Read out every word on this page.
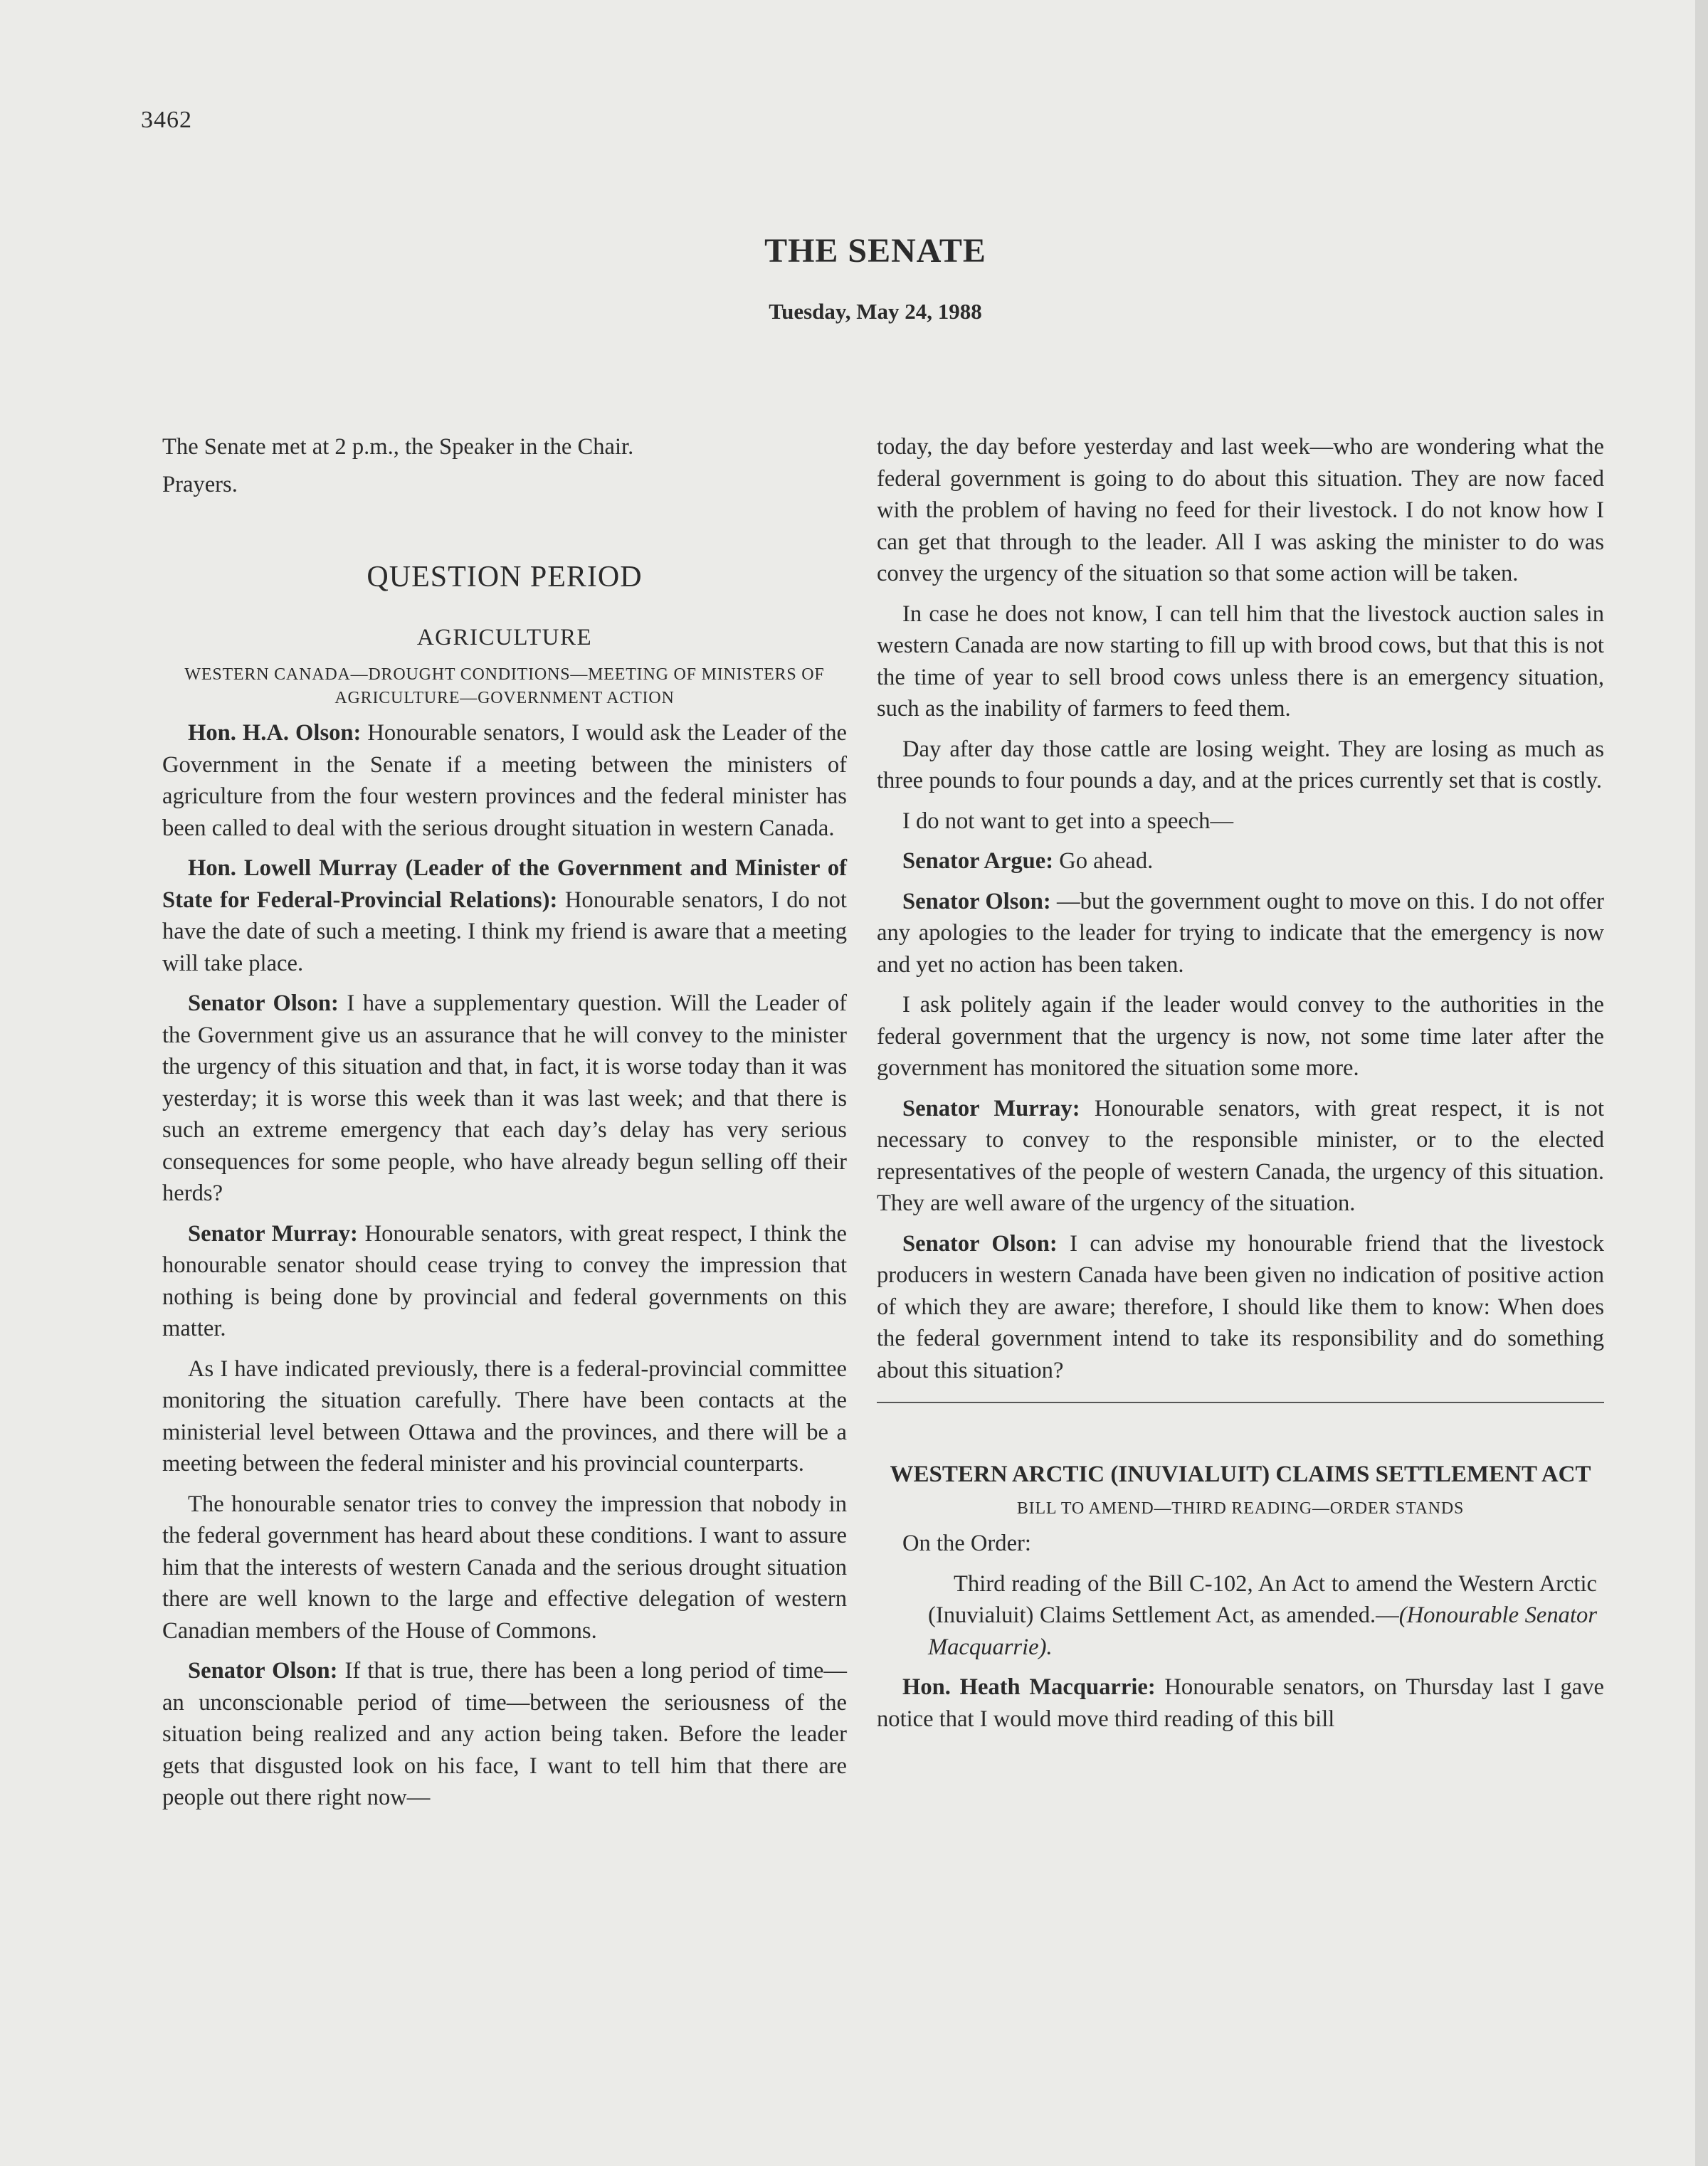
3462
THE SENATE
Tuesday, May 24, 1988

The Senate met at 2 p.m., the Speaker in the Chair.

Prayers.

QUESTION PERIOD
AGRICULTURE
WESTERN CANADA—DROUGHT CONDITIONS—MEETING OF MINISTERS OF AGRICULTURE—GOVERNMENT ACTION

Hon. H.A. Olson: Honourable senators, I would ask the Leader of the Government in the Senate if a meeting between the ministers of agriculture from the four western provinces and the federal minister has been called to deal with the serious drought situation in western Canada.

Hon. Lowell Murray (Leader of the Government and Minister of State for Federal-Provincial Relations): Honourable senators, I do not have the date of such a meeting. I think my friend is aware that a meeting will take place.

Senator Olson: I have a supplementary question. Will the Leader of the Government give us an assurance that he will convey to the minister the urgency of this situation and that, in fact, it is worse today than it was yesterday; it is worse this week than it was last week; and that there is such an extreme emergency that each day’s delay has very serious consequences for some people, who have already begun selling off their herds?

Senator Murray: Honourable senators, with great respect, I think the honourable senator should cease trying to convey the impression that nothing is being done by provincial and federal governments on this matter.

As I have indicated previously, there is a federal-provincial committee monitoring the situation carefully. There have been contacts at the ministerial level between Ottawa and the provinces, and there will be a meeting between the federal minister and his provincial counterparts.

The honourable senator tries to convey the impression that nobody in the federal government has heard about these conditions. I want to assure him that the interests of western Canada and the serious drought situation there are well known to the large and effective delegation of western Canadian members of the House of Commons.

Senator Olson: If that is true, there has been a long period of time—an unconscionable period of time—between the seriousness of the situation being realized and any action being taken. Before the leader gets that disgusted look on his face, I want to tell him that there are people out there right now—

today, the day before yesterday and last week—who are wondering what the federal government is going to do about this situation. They are now faced with the problem of having no feed for their livestock. I do not know how I can get that through to the leader. All I was asking the minister to do was convey the urgency of the situation so that some action will be taken.

In case he does not know, I can tell him that the livestock auction sales in western Canada are now starting to fill up with brood cows, but that this is not the time of year to sell brood cows unless there is an emergency situation, such as the inability of farmers to feed them.

Day after day those cattle are losing weight. They are losing as much as three pounds to four pounds a day, and at the prices currently set that is costly.

I do not want to get into a speech—

Senator Argue: Go ahead.

Senator Olson: —but the government ought to move on this. I do not offer any apologies to the leader for trying to indicate that the emergency is now and yet no action has been taken.

I ask politely again if the leader would convey to the authorities in the federal government that the urgency is now, not some time later after the government has monitored the situation some more.

Senator Murray: Honourable senators, with great respect, it is not necessary to convey to the responsible minister, or to the elected representatives of the people of western Canada, the urgency of this situation. They are well aware of the urgency of the situation.

Senator Olson: I can advise my honourable friend that the livestock producers in western Canada have been given no indication of positive action of which they are aware; therefore, I should like them to know: When does the federal government intend to take its responsibility and do something about this situation?

WESTERN ARCTIC (INUVIALUIT) CLAIMS SETTLEMENT ACT
BILL TO AMEND—THIRD READING—ORDER STANDS

On the Order:

Third reading of the Bill C-102, An Act to amend the Western Arctic (Inuvialuit) Claims Settlement Act, as amended.—(Honourable Senator Macquarrie).

Hon. Heath Macquarrie: Honourable senators, on Thursday last I gave notice that I would move third reading of this bill
